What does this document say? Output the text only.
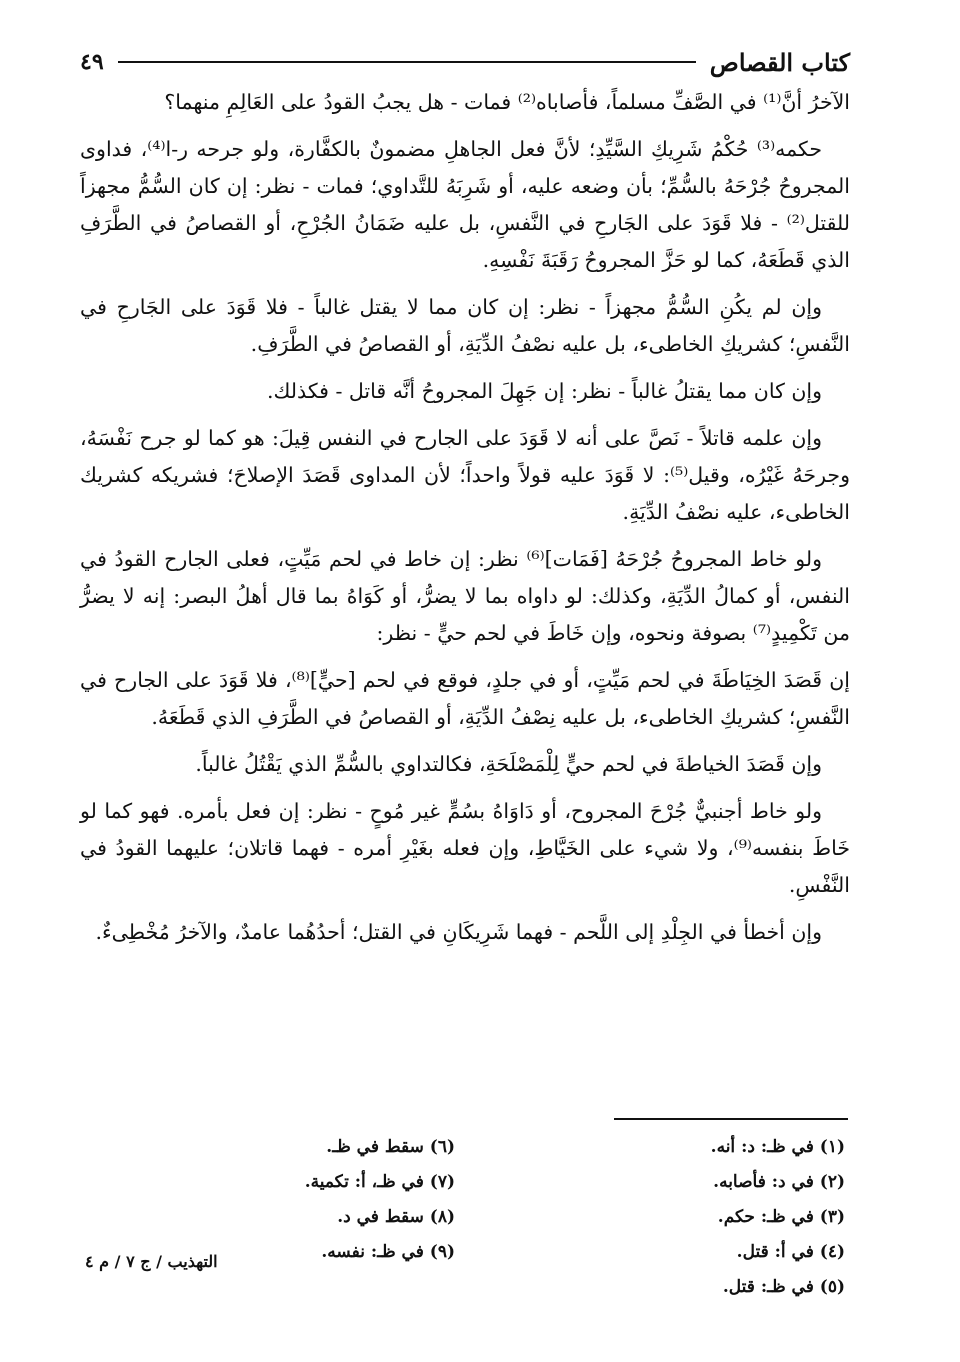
كتاب القصاص
٤٩

الآخرُ أنَّ⁽¹⁾ في الصَّفِّ مسلماً، فأصاباه⁽²⁾ فمات - هل يجبُ القودُ على العَالِمِ منهما؟

حكمه⁽³⁾ حُكْمُ شَرِيكِ السَّيِّدِ؛ لأنَّ فعل الجاهلِ مضمونٌ بالكفَّارة، ولو جرحه ر-ا⁽⁴⁾، فداوى المجروحُ جُرْحَهُ بالسُّمِّ؛ بأن وضعه عليه، أو شَرِبَهُ للتَّداوي؛ فمات - نظر: إن كان السُّمُّ مجهزاً للقتل⁽²⁾ - فلا قَوَدَ على الجَارحِ في النَّفسِ، بل عليه ضَمَانُ الجُرْحِ، أو القصاصُ في الطَّرَفِ الذي قَطَعَهُ، كما لو حَزَّ المجروحُ رَقَبَةَ نَفْسِهِ.

وإن لم يكُنِ السُّمُّ مجهزاً - نظر: إن كان مما لا يقتل غالباً - فلا قَوَدَ على الجَارحِ في النَّفسِ؛ كشريكِ الخاطىء، بل عليه نصْفُ الدِّيَةِ، أو القصاصُ في الطَّرَفِ.

وإن كان مما يقتلُ غالباً - نظر: إن جَهِلَ المجروحُ أنَّه قاتل - فكذلك.

وإن علمه قاتلاً - نَصَّ على أنه لا قَوَدَ على الجارح في النفس قِيلَ: هو كما لو جرح نَفْسَهُ، وجرحَهُ غَيْرُه، وقيل⁽⁵⁾: لا قَوَدَ عليه قولاً واحداً؛ لأن المداوى قَصَدَ الإصلاحَ؛ فشريكه كشريك الخاطىء، عليه نصْفُ الدِّيَةِ.

ولو خاط المجروحُ جُرْحَهُ [فَمَات]⁽⁶⁾ نظر: إن خاط في لحم مَيِّتٍ، فعلى الجارح القودُ في النفس، أو كمالُ الدِّيَةِ، وكذلك: لو داواه بما لا يضرُّ، أو كَوَاهُ بما قال أهلُ البصر: إنه لا يضرُّ من تَكْمِيدٍ⁽⁷⁾ بصوفة ونحوه، وإن خَاطَ في لحم حيٍّ - نظر:

إن قَصَدَ الخِيَاطَةَ في لحم مَيِّتٍ، أو في جلدٍ، فوقع في لحم [حيٍّ]⁽⁸⁾، فلا قَوَدَ على الجارح في النَّفسِ؛ كشريكِ الخاطىء، بل عليه نِصْفُ الدِّيَةِ، أو القصاصُ في الطَّرَفِ الذي قَطَعَهُ.

وإن قَصَدَ الخياطةَ في لحم حيٍّ لِلْمَصْلَحَةِ، فكالتداوي بالسُّمِّ الذي يَقْتُلُ غالباً.

ولو خاط أجنبيٌّ جُرْحَ المجروح، أو دَاوَاهُ بسُمٍّ غير مُوحٍ - نظر: إن فعل بأمره. فهو كما لو خَاطَ بنفسه⁽⁹⁾، ولا شيء على الخَيَّاطِ، وإن فعله بغَيْرِ أمره - فهما قاتلان؛ عليهما القودُ في النَّفْسِ.

وإن أخطأ في الجِلْدِ إلى اللَّحم - فهما شَرِيكَانِ في القتل؛ أحدُهُما عامدٌ، والآخرُ مُخْطِىءٌ.

(١) في ظـ: د: أنه.
(٢) في د: فأصابه.
(٣) في ظـ: حكم.
(٤) في أ: قتل.
(٥) في ظـ: قتل.
(٦) سقط في ظـ.
(٧) في ظـ، أ: تكمية.
(٨) سقط في د.
(٩) في ظـ: نفسه.
التهذيب / ج ٧ / م ٤
